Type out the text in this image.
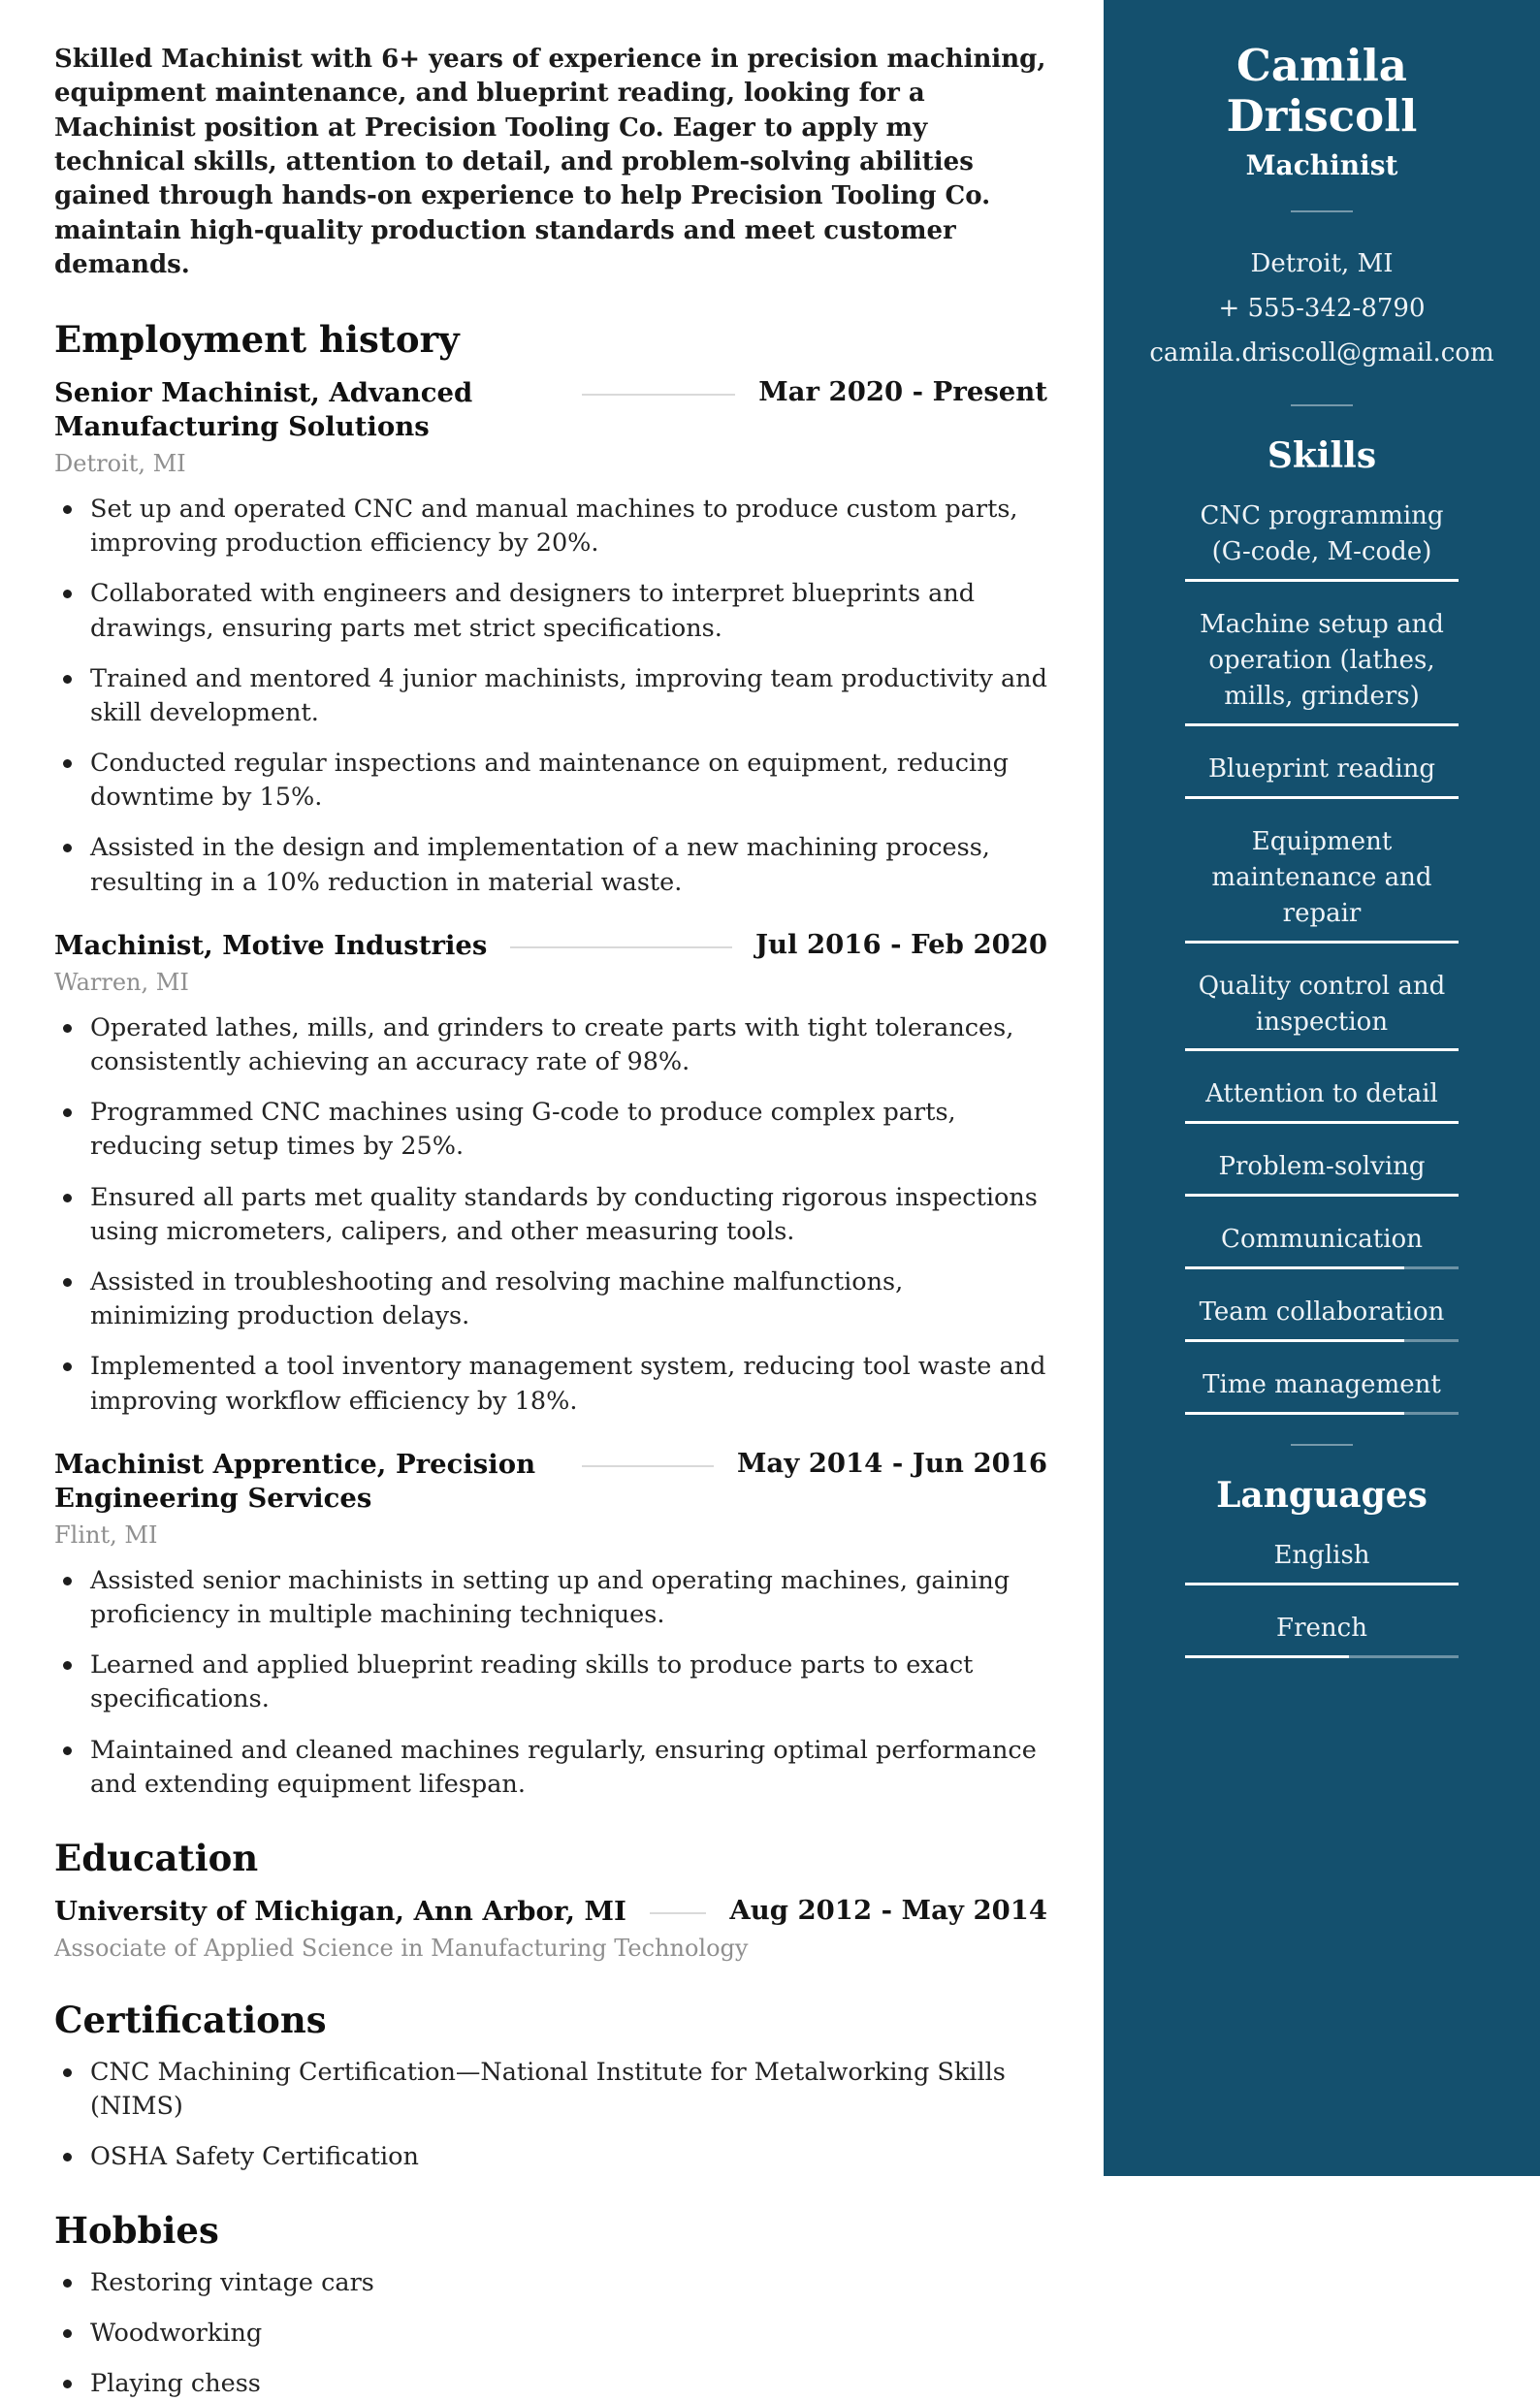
Skilled Machinist with 6+ years of experience in precision machining, equipment maintenance, and blueprint reading, looking for a Machinist position at Precision Tooling Co. Eager to apply my technical skills, attention to detail, and problem-solving abilities gained through hands-on experience to help Precision Tooling Co. maintain high-quality production standards and meet customer demands.

Employment history
Senior Machinist, Advanced Manufacturing Solutions
Mar 2020 - Present
Detroit, MI
Set up and operated CNC and manual machines to produce custom parts, improving production efficiency by 20%.
Collaborated with engineers and designers to interpret blueprints and drawings, ensuring parts met strict specifications.
Trained and mentored 4 junior machinists, improving team productivity and skill development.
Conducted regular inspections and maintenance on equipment, reducing downtime by 15%.
Assisted in the design and implementation of a new machining process, resulting in a 10% reduction in material waste.
Machinist, Motive Industries	Jul 2016 - Feb 2020
Warren, MI
Operated lathes, mills, and grinders to create parts with tight tolerances, consistently achieving an accuracy rate of 98%.
Programmed CNC machines using G-code to produce complex parts, reducing setup times by 25%.
Ensured all parts met quality standards by conducting rigorous inspections using micrometers, calipers, and other measuring tools.
Assisted in troubleshooting and resolving machine malfunctions, minimizing production delays.
Implemented a tool inventory management system, reducing tool waste and improving workflow efficiency by 18%.
Machinist Apprentice, Precision Engineering Services
May 2014 - Jun 2016
Flint, MI
Assisted senior machinists in setting up and operating machines, gaining proficiency in multiple machining techniques.
Learned and applied blueprint reading skills to produce parts to exact specifications.
Maintained and cleaned machines regularly, ensuring optimal performance and extending equipment lifespan.
Education
University of Michigan, Ann Arbor, MI	Aug 2012 - May 2014
Associate of Applied Science in Manufacturing Technology
Certifications
CNC Machining Certification—National Institute for Metalworking Skills (NIMS)
OSHA Safety Certification
Hobbies
Restoring vintage cars
Woodworking
Playing chess
Camila Driscoll
Machinist
Detroit, MI
+ 555-342-8790
camila.driscoll@gmail.com
Skills
CNC programming (G-code, M-code)
Machine setup and operation (lathes, mills, grinders)
Blueprint reading
Equipment maintenance and repair
Quality control and inspection
Attention to detail
Problem-solving
Communication
Team collaboration
Time management
Languages
English
French
